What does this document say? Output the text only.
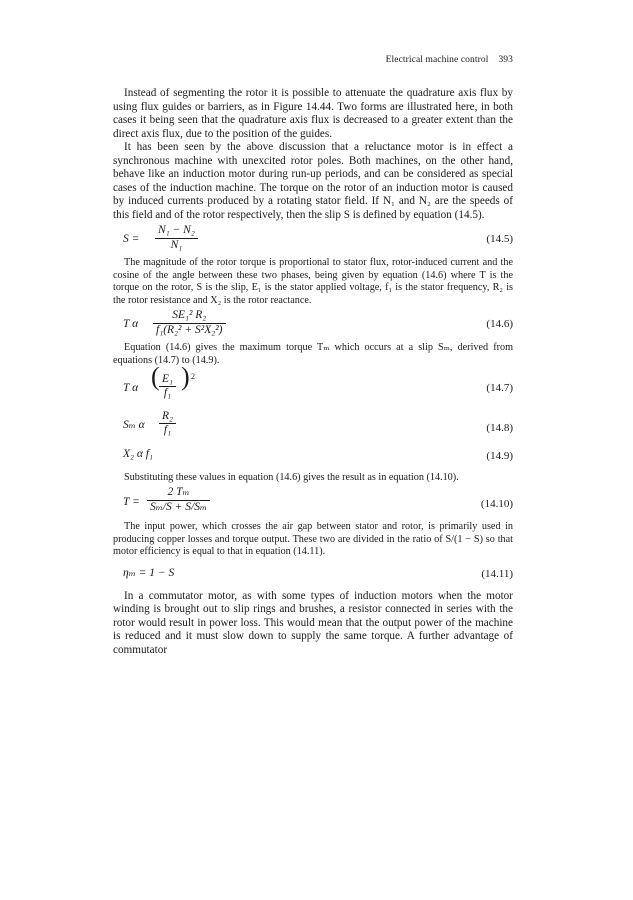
Electrical machine control 393

Instead of segmenting the rotor it is possible to attenuate the quadrature axis flux by using flux guides or barriers, as in Figure 14.44. Two forms are illustrated here, in both cases it being seen that the quadrature axis flux is decreased to a greater extent than the direct axis flux, due to the position of the guides.

It has been seen by the above discussion that a reluctance motor is in effect a synchronous machine with unexcited rotor poles. Both machines, on the other hand, behave like an induction motor during run-up periods, and can be considered as special cases of the induction machine. The torque on the rotor of an induction motor is caused by induced currents produced by a rotating stator field. If N₁ and N₂ are the speeds of this field and of the rotor respectively, then the slip S is defined by equation (14.5).

$S = \frac{\text{N₁ − N₂}}{\text{N₁}}$	(14.5)

The magnitude of the rotor torque is proportional to stator flux, rotor-induced current and the cosine of the angle between these two phases, being given by equation (14.6) where T is the torque on the rotor, S is the slip, E₁ is the stator applied voltage, f₁ is the stator frequency, R₂ is the rotor resistance and X₂ is the rotor reactance.

T α $\frac{\text{SE₁² R₂}}{\text{f₁(R₂² + S²X₂²)}}$	(14.6)

Equation (14.6) gives the maximum torque Tₘ which occurs at a slip Sₘ, derived from equations (14.7) to (14.9).

T α ( $\frac{\text{E₁}}{\text{f₁}}$ ) 2
(14.7)
Sₘ α $\frac{\text{R₂}}{\text{f₁}}$	(14.8)
X₂ α f₁	(14.9)

Substituting these values in equation (14.6) gives the result as in equation (14.10).

$T = \frac{\text{2 Tₘ}}{\text{Sₘ/S + S/Sₘ}}$	(14.10)

The input power, which crosses the air gap between stator and rotor, is primarily used in producing copper losses and torque output. These two are divided in the ratio of S/(1 − S) so that motor efficiency is equal to that in equation (14.11).

ηₘ = 1 − S	(14.11)

In a commutator motor, as with some types of induction motors when the motor winding is brought out to slip rings and brushes, a resistor connected in series with the rotor would result in power loss. This would mean that the output power of the machine is reduced and it must slow down to supply the same torque. A further advantage of commutator
